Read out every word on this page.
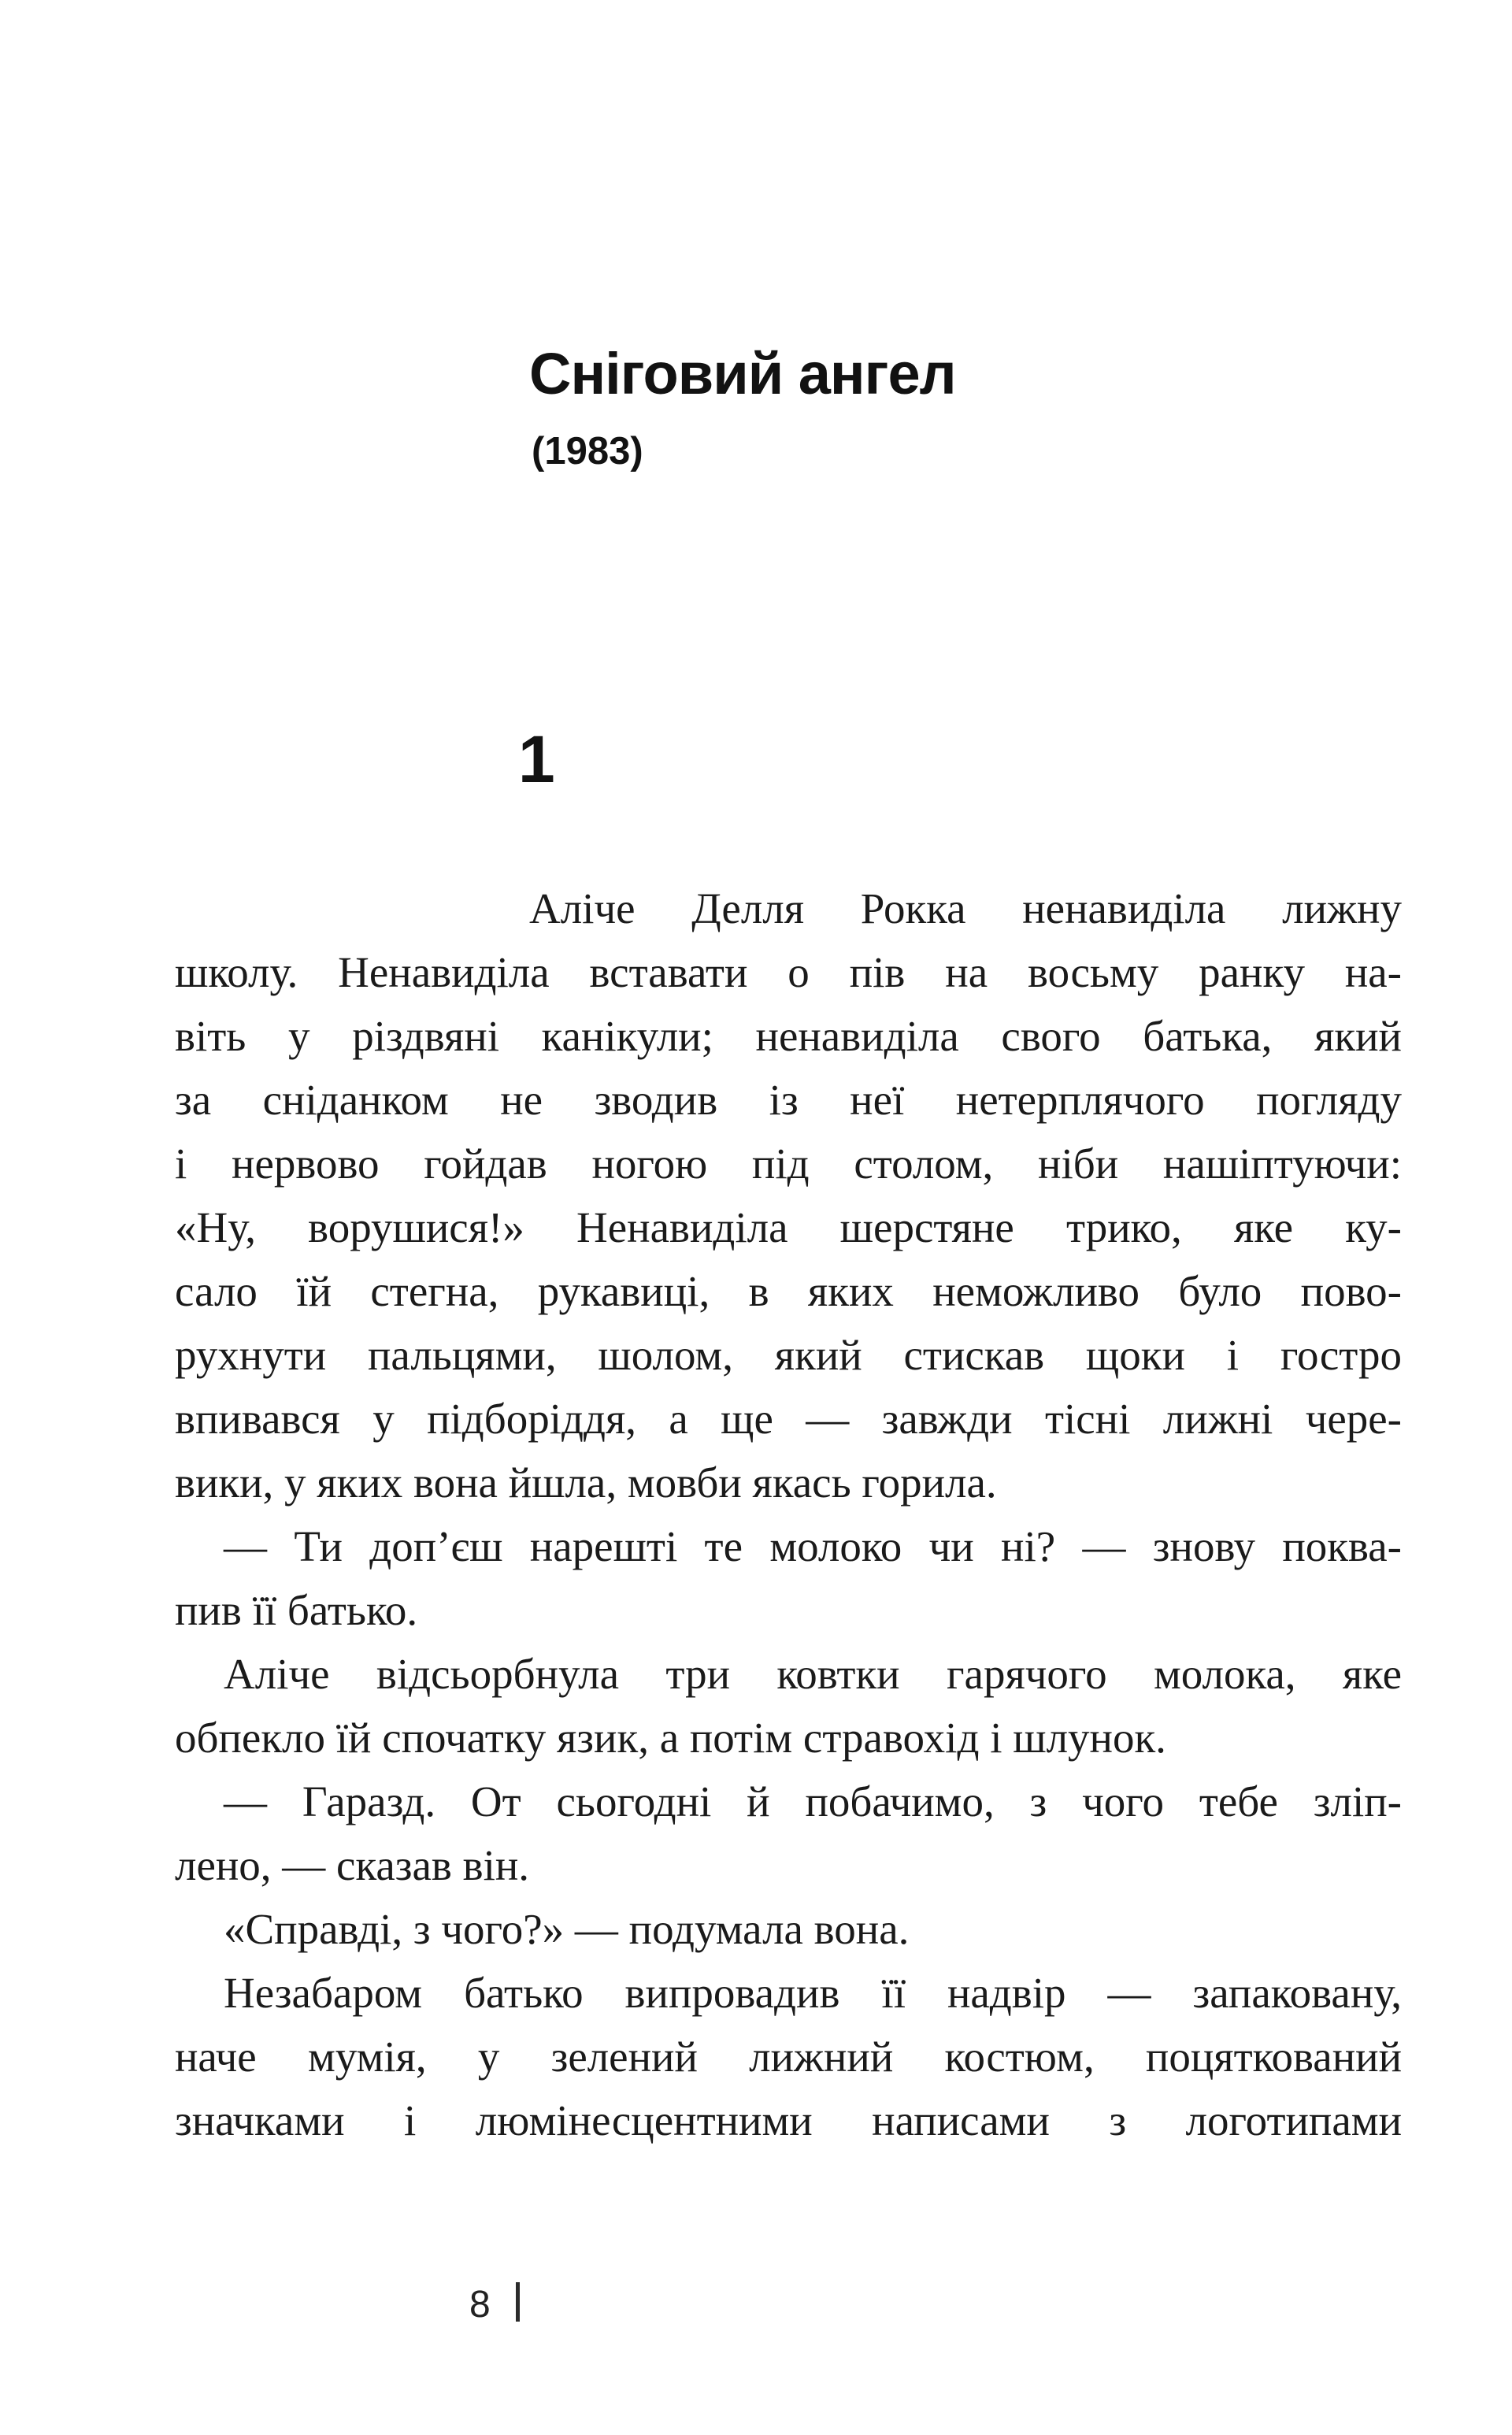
Сніговий ангел
(1983)
1
Аліче Делля Рокка ненавиділа лижну
школу. Ненавиділа вставати о пів на восьму ранку на-
віть у різдвяні канікули; ненавиділа свого батька, який
за сніданком не зводив із неї нетерплячого погляду
і нервово гойдав ногою під столом, ніби нашіптуючи:
«Ну, ворушися!» Ненавиділа шерстяне трико, яке ку-
сало їй стегна, рукавиці, в яких неможливо було пово-
рухнути пальцями, шолом, який стискав щоки і гостро
впивався у підборіддя, а ще — завжди тісні лижні чере-
вики, у яких вона йшла, мовби якась горила.
— Ти доп’єш нарешті те молоко чи ні? — знову поква-
пив її батько.
Аліче відсьорбнула три ковтки гарячого молока, яке
обпекло їй спочатку язик, а потім стравохід і шлунок.
— Гаразд. От сьогодні й побачимо, з чого тебе зліп-
лено, — сказав він.
«Справді, з чого?» — подумала вона.
Незабаром батько випровадив її надвір — запаковану,
наче мумія, у зелений лижний костюм, поцяткований
значками і люмінесцентними написами з логотипами
8
